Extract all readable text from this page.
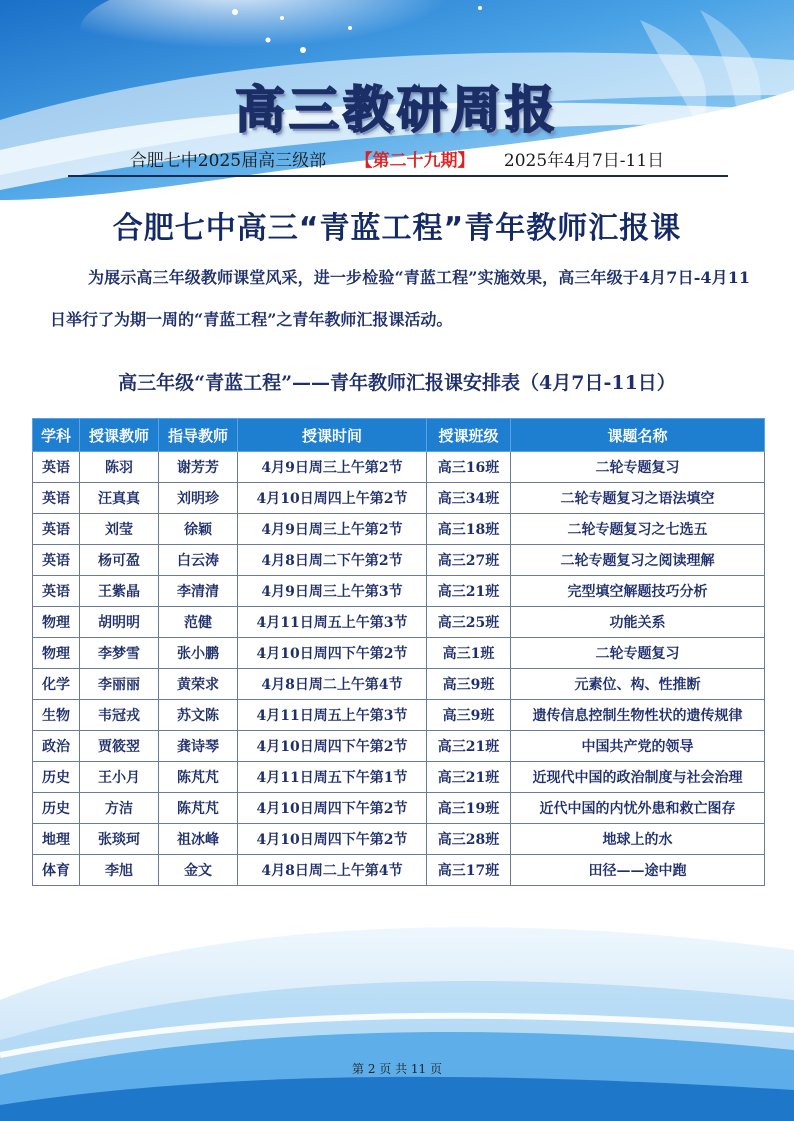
高三教研周报
合肥七中2025届高三级部 【第二十九期】 2025年4月7日-11日
合肥七中高三“青蓝工程”青年教师汇报课
为展示高三年级教师课堂风采，进一步检验“青蓝工程”实施效果，高三年级于4月7日-4月11日举行了为期一周的“青蓝工程”之青年教师汇报课活动。
高三年级“青蓝工程”——青年教师汇报课安排表（4月7日-11日）
学科	授课教师	指导教师	授课时间	授课班级	课题名称
英语	陈羽	谢芳芳	4月9日周三上午第2节	高三16班	二轮专题复习
英语	汪真真	刘明珍	4月10日周四上午第2节	高三34班	二轮专题复习之语法填空
英语	刘莹	徐颖	4月9日周三上午第2节	高三18班	二轮专题复习之七选五
英语	杨可盈	白云涛	4月8日周二下午第2节	高三27班	二轮专题复习之阅读理解
英语	王紫晶	李清清	4月9日周三上午第3节	高三21班	完型填空解题技巧分析
物理	胡明明	范健	4月11日周五上午第3节	高三25班	功能关系
物理	李梦雪	张小鹏	4月10日周四下午第2节	高三1班	二轮专题复习
化学	李丽丽	黄荣求	4月8日周二上午第4节	高三9班	元素位、构、性推断
生物	韦冠戎	苏文陈	4月11日周五上午第3节	高三9班	遗传信息控制生物性状的遗传规律
政治	贾筱翌	龚诗琴	4月10日周四下午第2节	高三21班	中国共产党的领导
历史	王小月	陈芃芃	4月11日周五下午第1节	高三21班	近现代中国的政治制度与社会治理
历史	方洁	陈芃芃	4月10日周四下午第2节	高三19班	近代中国的内忧外患和救亡图存
地理	张琰珂	祖冰峰	4月10日周四下午第2节	高三28班	地球上的水
体育	李旭	金文	4月8日周二上午第4节	高三17班	田径——途中跑
第 2 页 共 11 页
